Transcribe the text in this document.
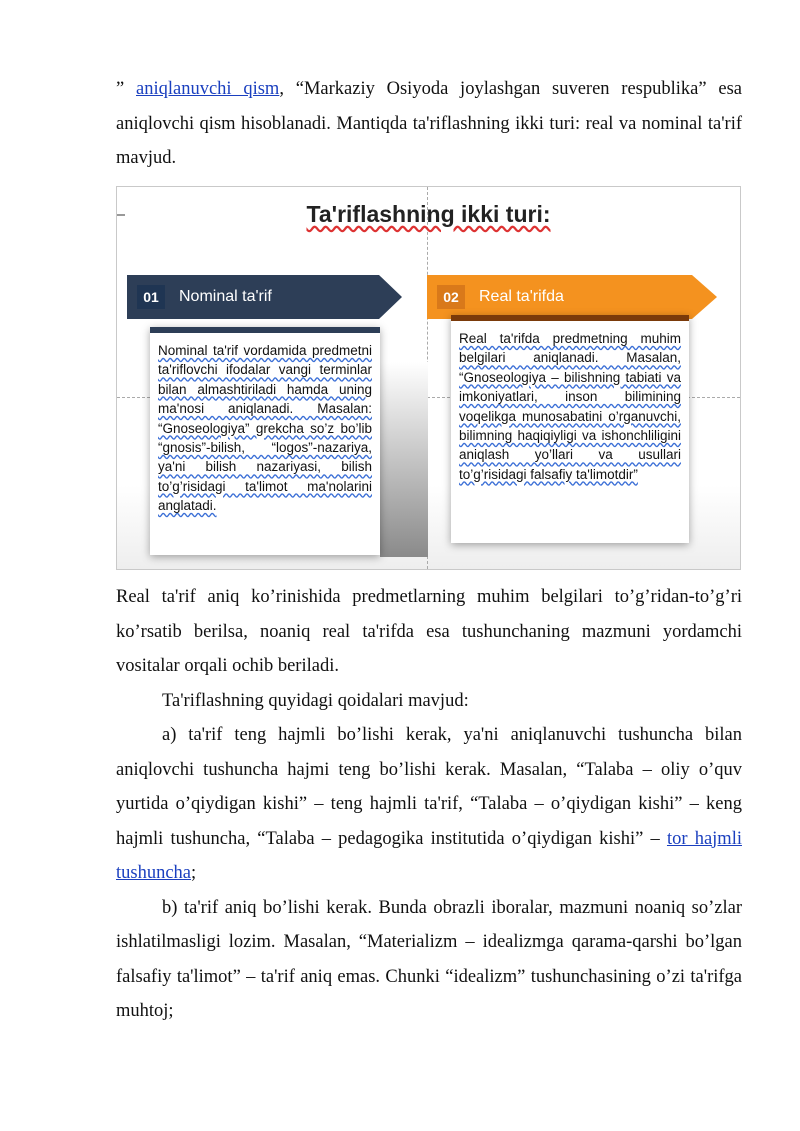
” aniqlanuvchi qism, “Markaziy Osiyoda joylashgan suveren respublika” esa aniqlovchi qism hisoblanadi. Mantiqda ta'riflashning ikki turi: real va nominal ta'rif mavjud.

Ta'riflashning ikki turi:
01	Nominal ta'rif	02	Real ta'rifda
Nominal ta'rif vordamida predmetni ta'riflovchi ifodalar vangi terminlar bilan almashtiriladi hamda uning ma'nosi aniqlanadi. Masalan: “Gnoseologiya” grekcha so’z bo’lib “gnosis”-bilish, “logos”-nazariya, ya'ni bilish nazariyasi, bilish to’g’risidagi ta'limot ma'nolarini anglatadi.
Real ta'rifda predmetning muhim belgilari aniqlanadi. Masalan, “Gnoseologiya – bilishning tabiati va imkoniyatlari, inson bilimining voqelikga munosabatini o’rganuvchi, bilimning haqiqiyligi va ishonchliligini aniqlash yo’llari va usullari to’g’risidagi falsafiy ta'limotdir”

Real ta'rif aniq ko’rinishida predmetlarning muhim belgilari to’g’ridan-to’g’ri ko’rsatib berilsa, noaniq real ta'rifda esa tushunchaning mazmuni yordamchi vositalar orqali ochib beriladi.

Ta'riflashning quyidagi qoidalari mavjud:

a) ta'rif teng hajmli bo’lishi kerak, ya'ni aniqlanuvchi tushuncha bilan aniqlovchi tushuncha hajmi teng bo’lishi kerak. Masalan, “Talaba – oliy o’quv yurtida o’qiydigan kishi” – teng hajmli ta'rif, “Talaba – o’qiydigan kishi” – keng hajmli tushuncha, “Talaba – pedagogika institutida o’qiydigan kishi” – tor hajmli tushuncha;

b) ta'rif aniq bo’lishi kerak. Bunda obrazli iboralar, mazmuni noaniq so’zlar ishlatilmasligi lozim. Masalan, “Materializm – idealizmga qarama-qarshi bo’lgan falsafiy ta'limot” – ta'rif aniq emas. Chunki “idealizm” tushunchasining o’zi ta'rifga muhtoj;
